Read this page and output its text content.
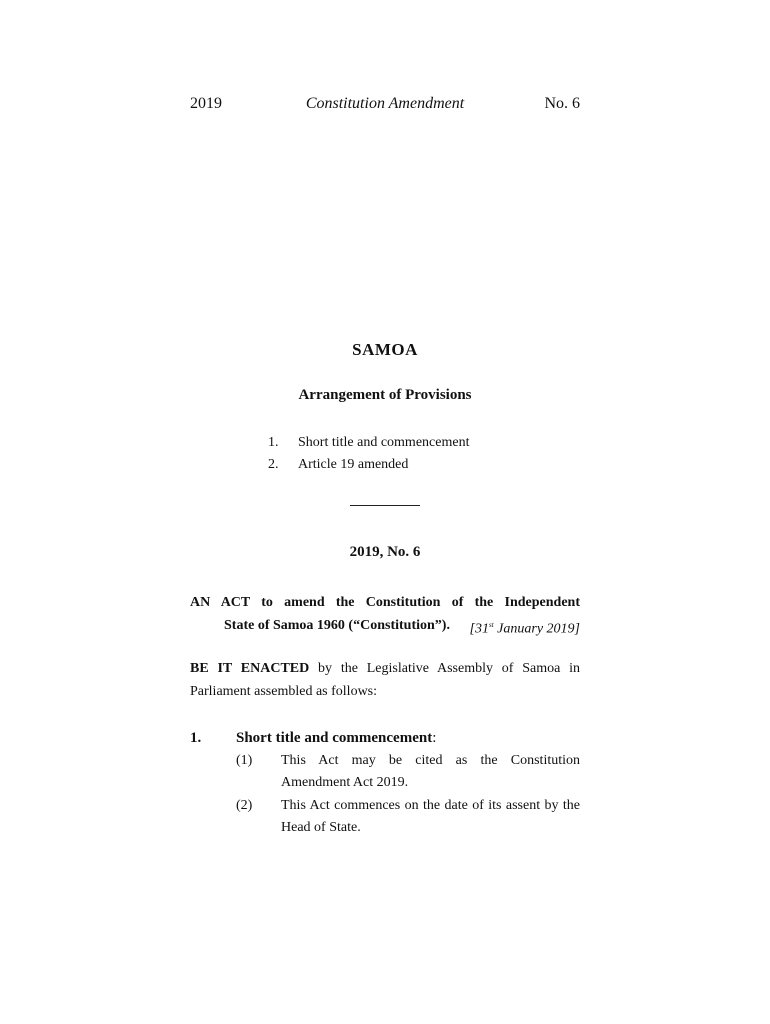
Constitution Amendment
2019	No. 6
SAMOA
Arrangement of Provisions
1.	Short title and commencement
2.	Article 19 amended
2019, No. 6
AN ACT to amend the Constitution of the Independent
State of Samoa 1960 (“Constitution”). [31st January 2019]
BE IT ENACTED by the Legislative Assembly of Samoa in Parliament assembled as follows:
1.	Short title and commencement :
(1)	This Act may be cited as the Constitution Amendment Act 2019.
(2)	This Act commences on the date of its assent by the Head of State.
